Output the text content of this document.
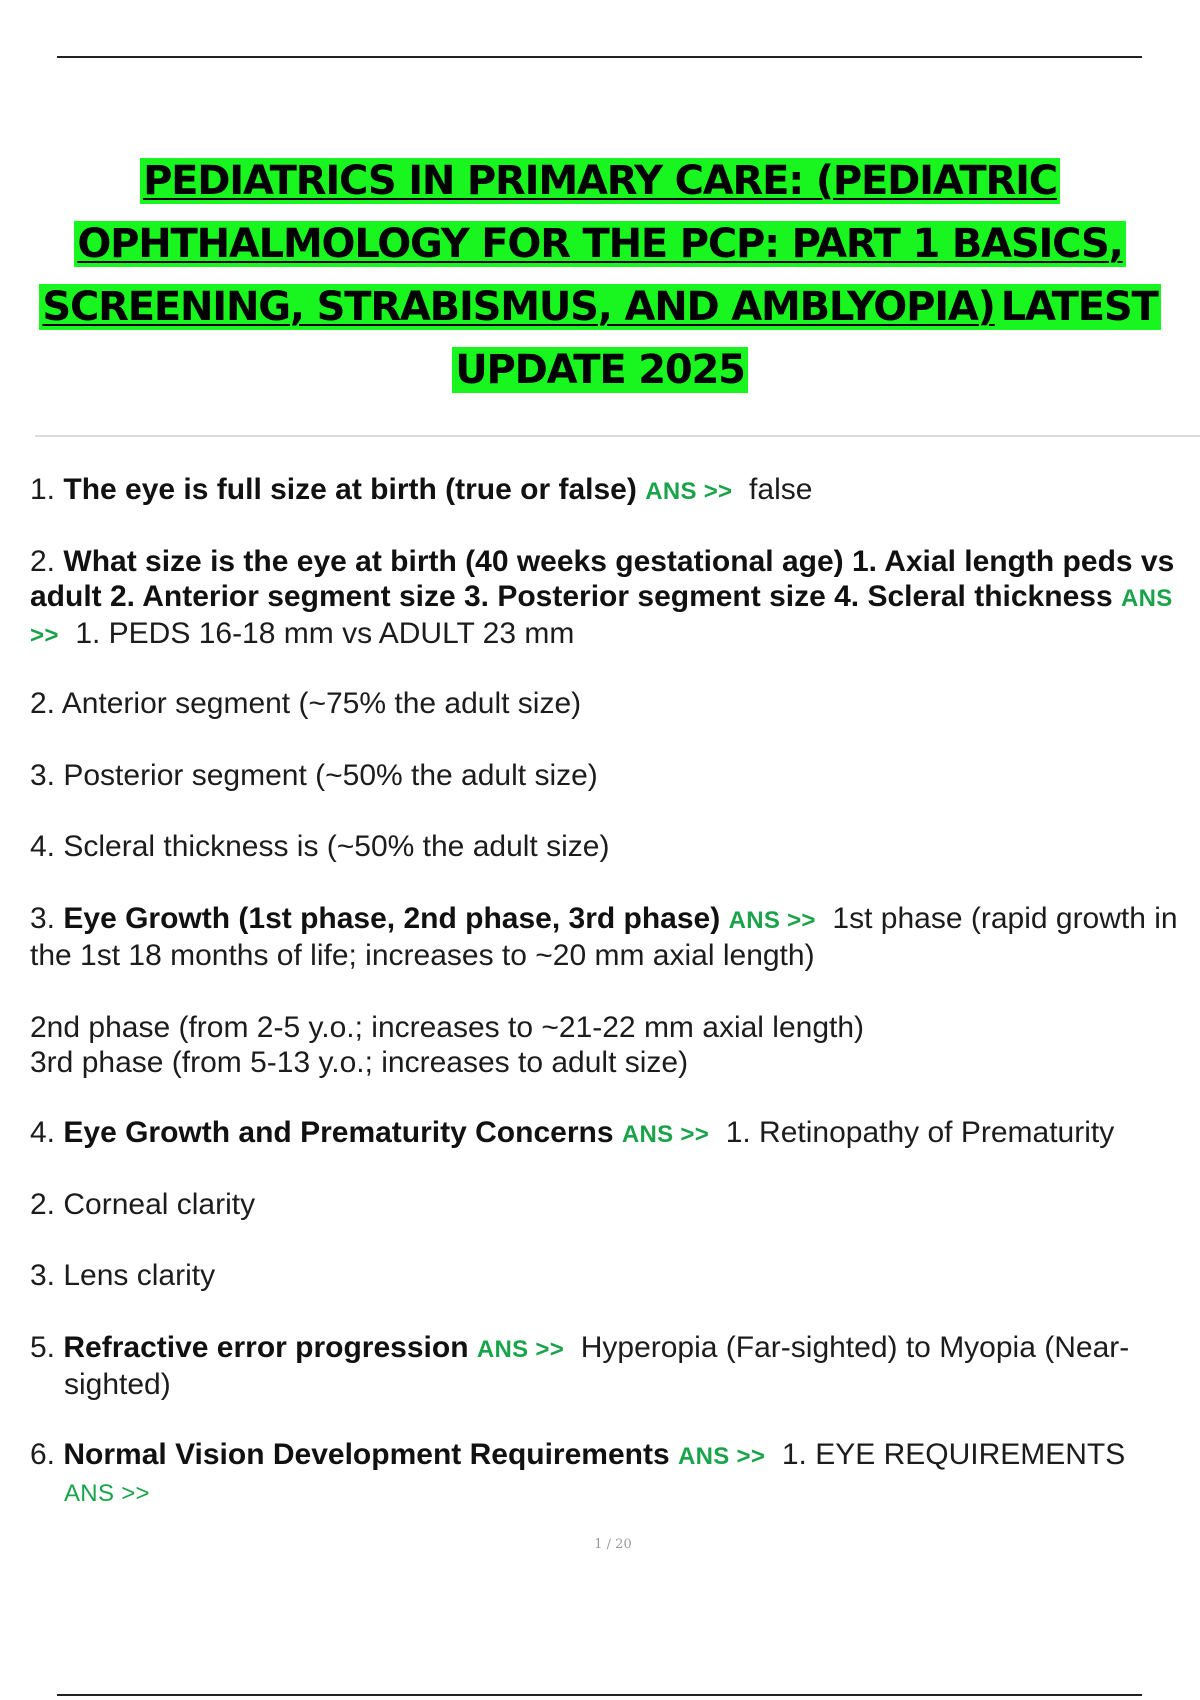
PEDIATRICS IN PRIMARY CARE: (PEDIATRIC
OPHTHALMOLOGY FOR THE PCP: PART 1 BASICS,
SCREENING, STRABISMUS, AND AMBLYOPIA) LATEST
UPDATE 2025
1. The eye is full size at birth (true or false) ANS >> false
2. What size is the eye at birth (40 weeks gestational age) 1. Axial length peds vs adult 2. Anterior segment size 3. Posterior segment size 4. Scleral thickness ANS >> 1. PEDS 16-18 mm vs ADULT 23 mm
2. Anterior segment (~75% the adult size)
3. Posterior segment (~50% the adult size)
4. Scleral thickness is (~50% the adult size)
3. Eye Growth (1st phase, 2nd phase, 3rd phase) ANS >> 1st phase (rapid growth in the 1st 18 months of life; increases to ~20 mm axial length)
2nd phase (from 2-5 y.o.; increases to ~21-22 mm axial length)
3rd phase (from 5-13 y.o.; increases to adult size)
4. Eye Growth and Prematurity Concerns ANS >> 1. Retinopathy of Prematurity
2. Corneal clarity
3. Lens clarity
5. Refractive error progression ANS >> Hyperopia (Far-sighted) to Myopia (Near-sighted)
6. Normal Vision Development Requirements ANS >> 1. EYE REQUIREMENTS
ANS >>
1 / 20
